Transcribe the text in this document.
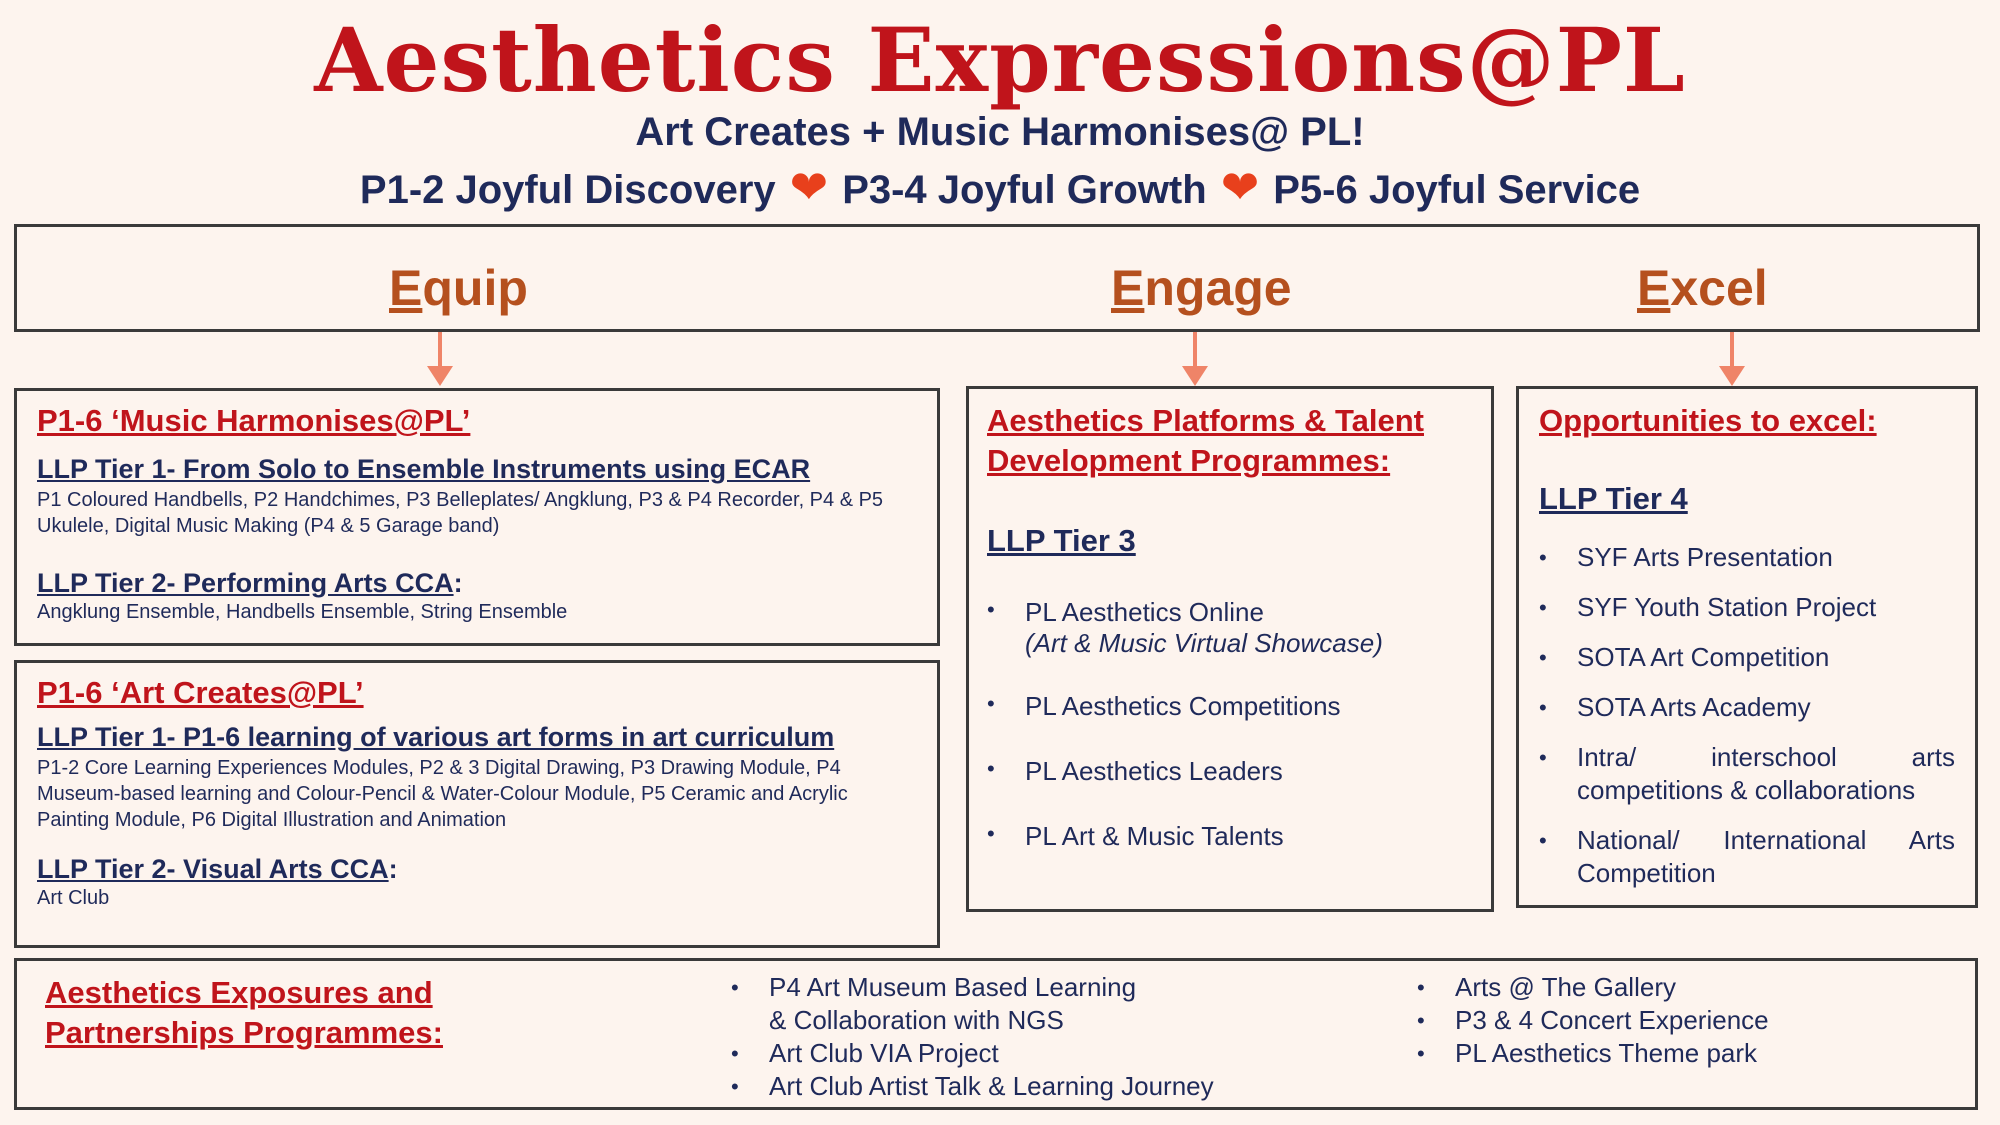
Aesthetics Expressions@PL
Art Creates + Music Harmonises@ PL!
P1-2 Joyful Discovery ❤ P3-4 Joyful Growth ❤ P5-6 Joyful Service
Equip	Engage	Excel
P1-6 ‘Music Harmonises@PL’
LLP Tier 1- From Solo to Ensemble Instruments using ECAR
P1 Coloured Handbells, P2 Handchimes, P3 Belleplates/ Angklung, P3 & P4 Recorder, P4 & P5 Ukulele, Digital Music Making (P4 & 5 Garage band)
LLP Tier 2- Performing Arts CCA:
Angklung Ensemble, Handbells Ensemble, String Ensemble
P1-6 ‘Art Creates@PL’
LLP Tier 1- P1-6 learning of various art forms in art curriculum
P1-2 Core Learning Experiences Modules, P2 & 3 Digital Drawing, P3 Drawing Module, P4 Museum-based learning and Colour-Pencil & Water-Colour Module, P5 Ceramic and Acrylic Painting Module, P6 Digital Illustration and Animation
LLP Tier 2- Visual Arts CCA:
Art Club
Aesthetics Platforms & Talent
Development Programmes:
LLP Tier 3
• PL Aesthetics Online
(Art & Music Virtual Showcase)
• PL Aesthetics Competitions
• PL Aesthetics Leaders
• PL Art & Music Talents
Opportunities to excel:
LLP Tier 4
• SYF Arts Presentation
• SYF Youth Station Project
• SOTA Art Competition
• SOTA Arts Academy
• Intra/ interschool arts competitions & collaborations
• National/ International Arts Competition
Aesthetics Exposures and
Partnerships Programmes:
• P4 Art Museum Based Learning
& Collaboration with NGS
• Art Club VIA Project
• Art Club Artist Talk & Learning Journey
• Arts @ The Gallery
• P3 & 4 Concert Experience
• PL Aesthetics Theme park
